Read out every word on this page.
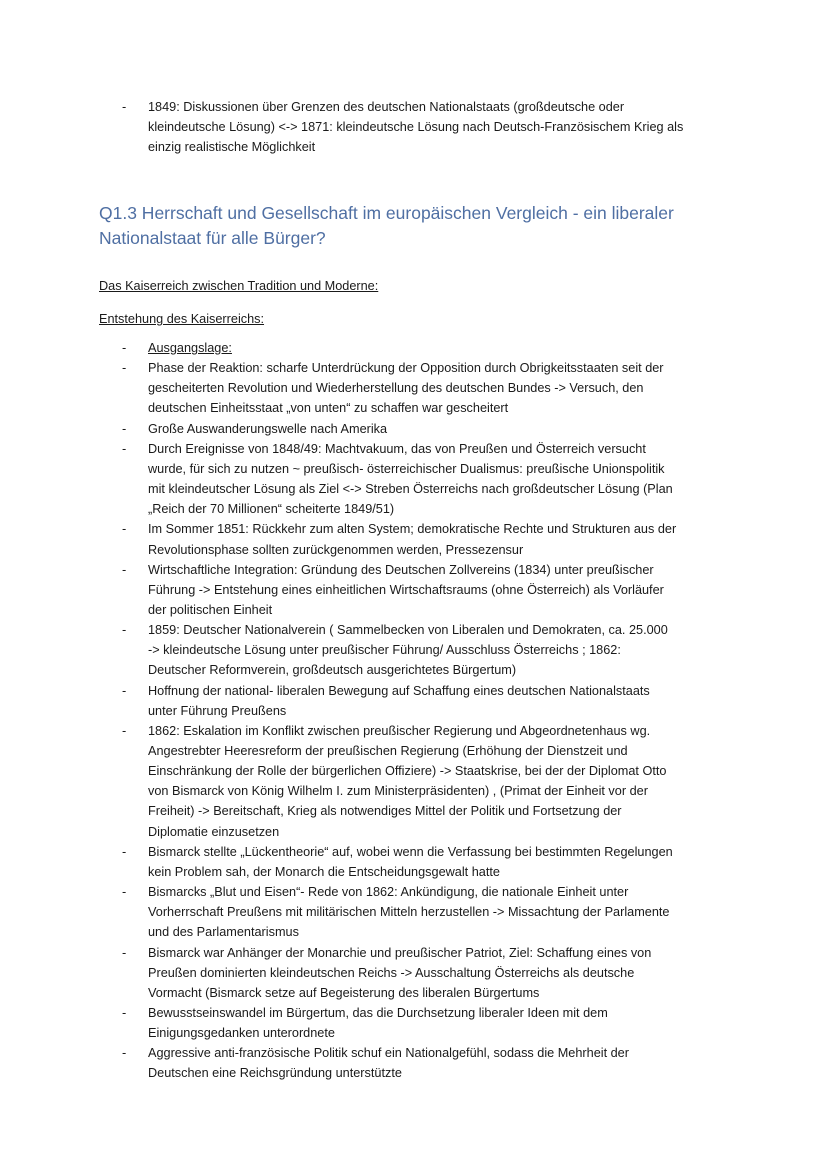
- 1849: Diskussionen über Grenzen des deutschen Nationalstaats (großdeutsche oder
kleindeutsche Lösung) <-> 1871: kleindeutsche Lösung nach Deutsch-Französischem Krieg als
einzig realistische Möglichkeit
- Ausgangslage:
- Phase der Reaktion: scharfe Unterdrückung der Opposition durch Obrigkeitsstaaten seit der
gescheiterten Revolution und Wiederherstellung des deutschen Bundes -> Versuch, den
deutschen Einheitsstaat „von unten“ zu schaffen war gescheitert
- Große Auswanderungswelle nach Amerika
- Durch Ereignisse von 1848/49: Machtvakuum, das von Preußen und Österreich versucht
wurde, für sich zu nutzen ~ preußisch- österreichischer Dualismus: preußische Unionspolitik
mit kleindeutscher Lösung als Ziel <-> Streben Österreichs nach großdeutscher Lösung (Plan
„Reich der 70 Millionen“ scheiterte 1849/51)
- Im Sommer 1851: Rückkehr zum alten System; demokratische Rechte und Strukturen aus der
Revolutionsphase sollten zurückgenommen werden, Pressezensur
- Wirtschaftliche Integration: Gründung des Deutschen Zollvereins (1834) unter preußischer
Führung -> Entstehung eines einheitlichen Wirtschaftsraums (ohne Österreich) als Vorläufer
der politischen Einheit
- 1859: Deutscher Nationalverein ( Sammelbecken von Liberalen und Demokraten, ca. 25.000
-> kleindeutsche Lösung unter preußischer Führung/ Ausschluss Österreichs ; 1862:
Deutscher Reformverein, großdeutsch ausgerichtetes Bürgertum)
- Hoffnung der national- liberalen Bewegung auf Schaffung eines deutschen Nationalstaats
unter Führung Preußens
- 1862: Eskalation im Konflikt zwischen preußischer Regierung und Abgeordnetenhaus wg.
Angestrebter Heeresreform der preußischen Regierung (Erhöhung der Dienstzeit und
Einschränkung der Rolle der bürgerlichen Offiziere) -> Staatskrise, bei der der Diplomat Otto
von Bismarck von König Wilhelm I. zum Ministerpräsidenten) , (Primat der Einheit vor der
Freiheit) -> Bereitschaft, Krieg als notwendiges Mittel der Politik und Fortsetzung der
Diplomatie einzusetzen
- Bismarck stellte „Lückentheorie“ auf, wobei wenn die Verfassung bei bestimmten Regelungen
kein Problem sah, der Monarch die Entscheidungsgewalt hatte
- Bismarcks „Blut und Eisen“- Rede von 1862: Ankündigung, die nationale Einheit unter
Vorherrschaft Preußens mit militärischen Mitteln herzustellen -> Missachtung der Parlamente
und des Parlamentarismus
- Bismarck war Anhänger der Monarchie und preußischer Patriot, Ziel: Schaffung eines von
Preußen dominierten kleindeutschen Reichs -> Ausschaltung Österreichs als deutsche
Vormacht (Bismarck setze auf Begeisterung des liberalen Bürgertums
- Bewusstseinswandel im Bürgertum, das die Durchsetzung liberaler Ideen mit dem
Einigungsgedanken unterordnete
- Aggressive anti-französische Politik schuf ein Nationalgefühl, sodass die Mehrheit der
Deutschen eine Reichsgründung unterstützte
Q1.3 Herrschaft und Gesellschaft im europäischen Vergleich - ein liberaler
Nationalstaat für alle Bürger?
Das Kaiserreich zwischen Tradition und Moderne:
Entstehung des Kaiserreichs:
